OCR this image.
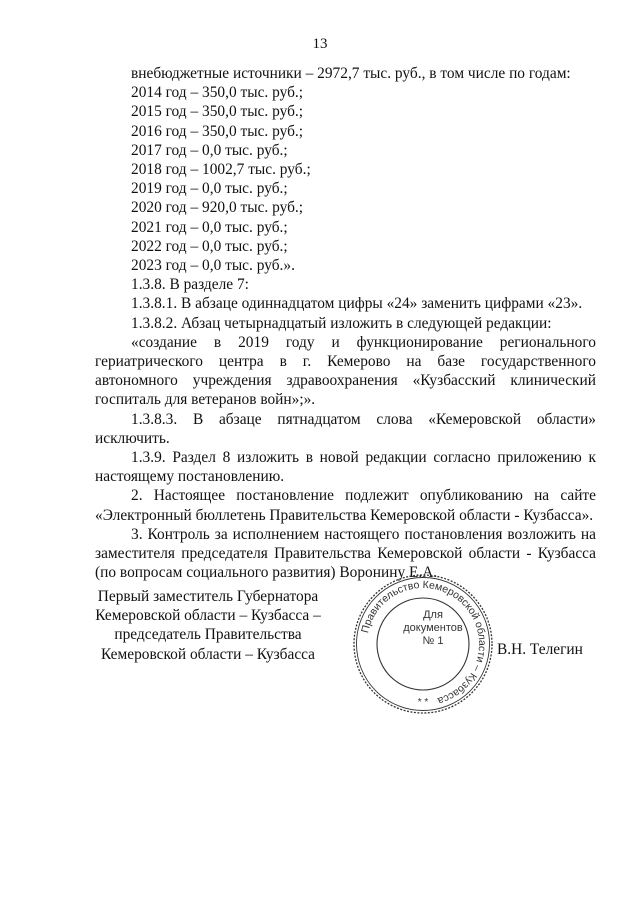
13

внебюджетные источники – 2972,7 тыс. руб., в том числе по годам:

2014 год – 350,0 тыс. руб.;

2015 год – 350,0 тыс. руб.;

2016 год – 350,0 тыс. руб.;

2017 год – 0,0 тыс. руб.;

2018 год – 1002,7 тыс. руб.;

2019 год – 0,0 тыс. руб.;

2020 год – 920,0 тыс. руб.;

2021 год – 0,0 тыс. руб.;

2022 год – 0,0 тыс. руб.;

2023 год – 0,0 тыс. руб.».

1.3.8. В разделе 7:

1.3.8.1. В абзаце одиннадцатом цифры «24» заменить цифрами «23».

1.3.8.2. Абзац четырнадцатый изложить в следующей редакции:

«создание в 2019 году и функционирование регионального гериатрического центра в г. Кемерово на базе государственного автономного учреждения здравоохранения «Кузбасский клинический госпиталь для ветеранов войн»;».

1.3.8.3. В абзаце пятнадцатом слова «Кемеровской области» исключить.

1.3.9. Раздел 8 изложить в новой редакции согласно приложению к настоящему постановлению.

2. Настоящее постановление подлежит опубликованию на сайте «Электронный бюллетень Правительства Кемеровской области - Кузбасса».

3. Контроль за исполнением настоящего постановления возложить на заместителя председателя Правительства Кемеровской области - Кузбасса (по вопросам социального развития) Воронину Е.А.

Первый заместитель Губернатора
Кемеровской области – Кузбасса –
председатель Правительства
Кемеровской области – Кузбасса
Правительство Кемеровской области – Кузбасса
* *
Для
документов
№ 1	В.Н. Телегин
